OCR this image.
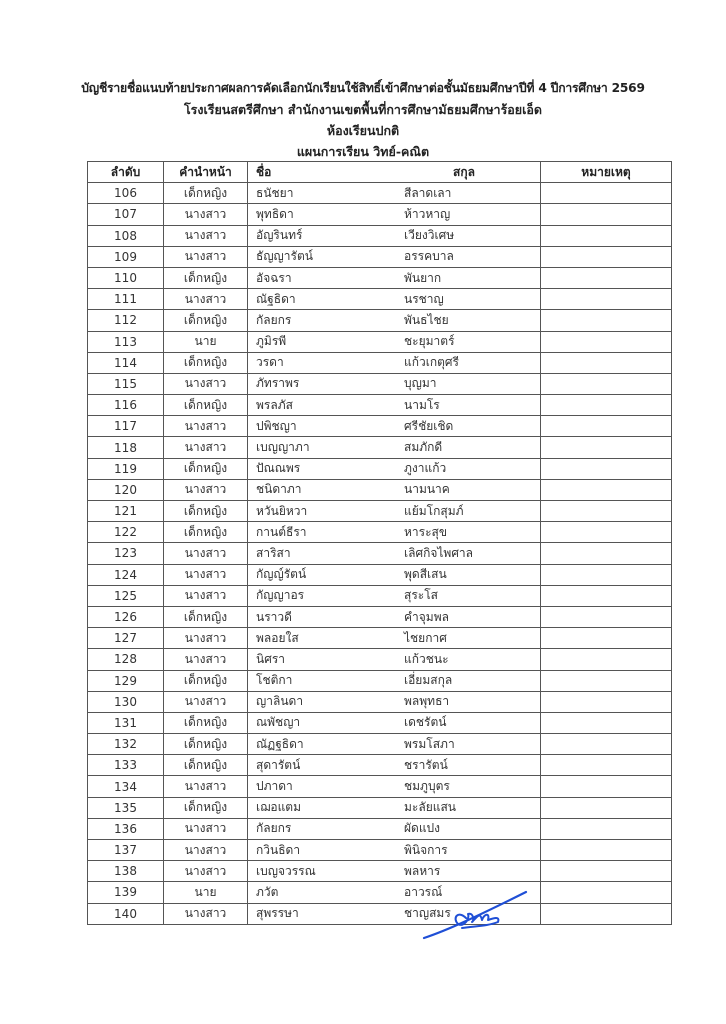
บัญชีรายชื่อแนบท้ายประกาศผลการคัดเลือกนักเรียนใช้สิทธิ์เข้าศึกษาต่อชั้นมัธยมศึกษาปีที่ 4 ปีการศึกษา 2569
โรงเรียนสตรีศึกษา สำนักงานเขตพื้นที่การศึกษามัธยมศึกษาร้อยเอ็ด
ห้องเรียนปกติ
แผนการเรียน วิทย์-คณิต
ลำดับ	คำนำหน้า	ชื่อ สกุล	หมายเหตุ
106	เด็กหญิง	ธนัชยา สีลาดเลา	
107	นางสาว	พุทธิดา ห้าวหาญ	
108	นางสาว	อัญรินทร์ เวียงวิเศษ	
109	นางสาว	ธัญญารัตน์ อรรคบาล	
110	เด็กหญิง	อัจฉรา พันยาก	
111	นางสาว	ณัฐธิดา นรชาญ	
112	เด็กหญิง	กัลยกร พันธไชย	
113	นาย	ภูมิรพี ชะยุมาตร์	
114	เด็กหญิง	วรดา แก้วเกตุศรี	
115	นางสาว	ภัทราพร บุญมา	
116	เด็กหญิง	พรลภัส นามโร	
117	นางสาว	ปพิชญา ศรีชัยเชิด	
118	นางสาว	เบญญาภา สมภักดี	
119	เด็กหญิง	ปัณณพร ภูงาแก้ว	
120	นางสาว	ชนิดาภา นามนาค	
121	เด็กหญิง	หวันยิหวา แย้มโกสุมภ์	
122	เด็กหญิง	กานต์ธีรา หาระสุข	
123	นางสาว	สาริสา เลิศกิจไพศาล	
124	นางสาว	กัญญ์รัตน์ พุดสีเสน	
125	นางสาว	กัญญาอร สุระโส	
126	เด็กหญิง	นราวดี คำจุมพล	
127	นางสาว	พลอยใส ไชยกาศ	
128	นางสาว	นิศรา แก้วชนะ	
129	เด็กหญิง	โชติกา เอี่ยมสกุล	
130	นางสาว	ญาลินดา พลพุทธา	
131	เด็กหญิง	ณพัชญา เดชรัตน์	
132	เด็กหญิง	ณัฏฐธิดา พรมโสภา	
133	เด็กหญิง	สุดารัตน์ ชรารัตน์	
134	นางสาว	ปภาดา ชมภูบุตร	
135	เด็กหญิง	เฌอแตม มะลัยแสน	
136	นางสาว	กัลยกร ผัดแปง	
137	นางสาว	กวินธิดา พินิจการ	
138	นางสาว	เบญจวรรณ พลหาร	
139	นาย	ภวัต อาวรณ์	
140	นางสาว	สุพรรษา ชาญสมร	
